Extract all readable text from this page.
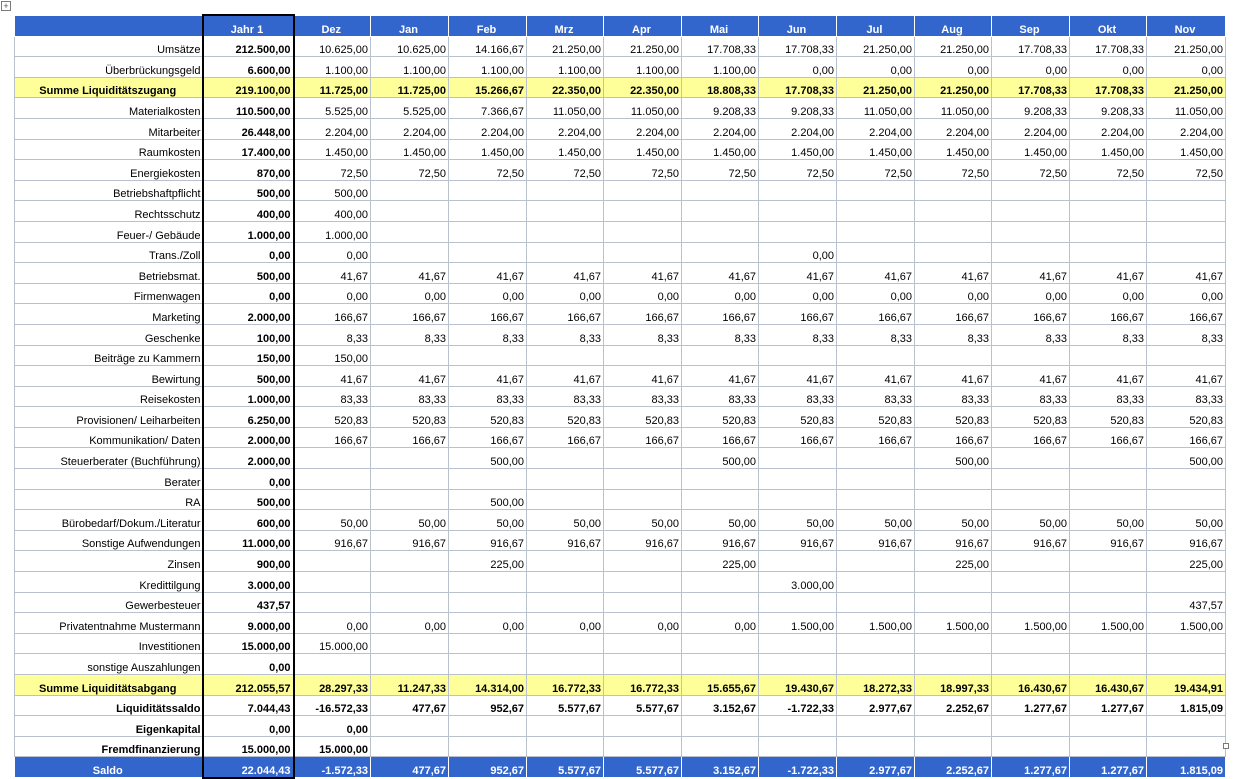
+
	Jahr 1	Dez	Jan	Feb	Mrz	Apr	Mai	Jun	Jul	Aug	Sep	Okt	Nov
Umsätze	212.500,00	10.625,00	10.625,00	14.166,67	21.250,00	21.250,00	17.708,33	17.708,33	21.250,00	21.250,00	17.708,33	17.708,33	21.250,00
Überbrückungsgeld	6.600,00	1.100,00	1.100,00	1.100,00	1.100,00	1.100,00	1.100,00	0,00	0,00	0,00	0,00	0,00	0,00
Summe Liquiditätszugang	219.100,00	11.725,00	11.725,00	15.266,67	22.350,00	22.350,00	18.808,33	17.708,33	21.250,00	21.250,00	17.708,33	17.708,33	21.250,00
Materialkosten	110.500,00	5.525,00	5.525,00	7.366,67	11.050,00	11.050,00	9.208,33	9.208,33	11.050,00	11.050,00	9.208,33	9.208,33	11.050,00
Mitarbeiter	26.448,00	2.204,00	2.204,00	2.204,00	2.204,00	2.204,00	2.204,00	2.204,00	2.204,00	2.204,00	2.204,00	2.204,00	2.204,00
Raumkosten	17.400,00	1.450,00	1.450,00	1.450,00	1.450,00	1.450,00	1.450,00	1.450,00	1.450,00	1.450,00	1.450,00	1.450,00	1.450,00
Energiekosten	870,00	72,50	72,50	72,50	72,50	72,50	72,50	72,50	72,50	72,50	72,50	72,50	72,50
Betriebshaftpflicht	500,00	500,00											
Rechtsschutz	400,00	400,00											
Feuer-/ Gebäude	1.000,00	1.000,00											
Trans./Zoll	0,00	0,00						0,00					
Betriebsmat.	500,00	41,67	41,67	41,67	41,67	41,67	41,67	41,67	41,67	41,67	41,67	41,67	41,67
Firmenwagen	0,00	0,00	0,00	0,00	0,00	0,00	0,00	0,00	0,00	0,00	0,00	0,00	0,00
Marketing	2.000,00	166,67	166,67	166,67	166,67	166,67	166,67	166,67	166,67	166,67	166,67	166,67	166,67
Geschenke	100,00	8,33	8,33	8,33	8,33	8,33	8,33	8,33	8,33	8,33	8,33	8,33	8,33
Beiträge zu Kammern	150,00	150,00											
Bewirtung	500,00	41,67	41,67	41,67	41,67	41,67	41,67	41,67	41,67	41,67	41,67	41,67	41,67
Reisekosten	1.000,00	83,33	83,33	83,33	83,33	83,33	83,33	83,33	83,33	83,33	83,33	83,33	83,33
Provisionen/ Leiharbeiten	6.250,00	520,83	520,83	520,83	520,83	520,83	520,83	520,83	520,83	520,83	520,83	520,83	520,83
Kommunikation/ Daten	2.000,00	166,67	166,67	166,67	166,67	166,67	166,67	166,67	166,67	166,67	166,67	166,67	166,67
Steuerberater (Buchführung)	2.000,00			500,00			500,00			500,00			500,00
Berater	0,00												
RA	500,00			500,00									
Bürobedarf/Dokum./Literatur	600,00	50,00	50,00	50,00	50,00	50,00	50,00	50,00	50,00	50,00	50,00	50,00	50,00
Sonstige Aufwendungen	11.000,00	916,67	916,67	916,67	916,67	916,67	916,67	916,67	916,67	916,67	916,67	916,67	916,67
Zinsen	900,00			225,00			225,00			225,00			225,00
Kredittilgung	3.000,00							3.000,00					
Gewerbesteuer	437,57												437,57
Privatentnahme Mustermann	9.000,00	0,00	0,00	0,00	0,00	0,00	0,00	1.500,00	1.500,00	1.500,00	1.500,00	1.500,00	1.500,00
Investitionen	15.000,00	15.000,00											
sonstige Auszahlungen	0,00												
Summe Liquiditätsabgang	212.055,57	28.297,33	11.247,33	14.314,00	16.772,33	16.772,33	15.655,67	19.430,67	18.272,33	18.997,33	16.430,67	16.430,67	19.434,91
Liquiditätssaldo	7.044,43	-16.572,33	477,67	952,67	5.577,67	5.577,67	3.152,67	-1.722,33	2.977,67	2.252,67	1.277,67	1.277,67	1.815,09
Eigenkapital	0,00	0,00											
Fremdfinanzierung	15.000,00	15.000,00											
Saldo	22.044,43	-1.572,33	477,67	952,67	5.577,67	5.577,67	3.152,67	-1.722,33	2.977,67	2.252,67	1.277,67	1.277,67	1.815,09
